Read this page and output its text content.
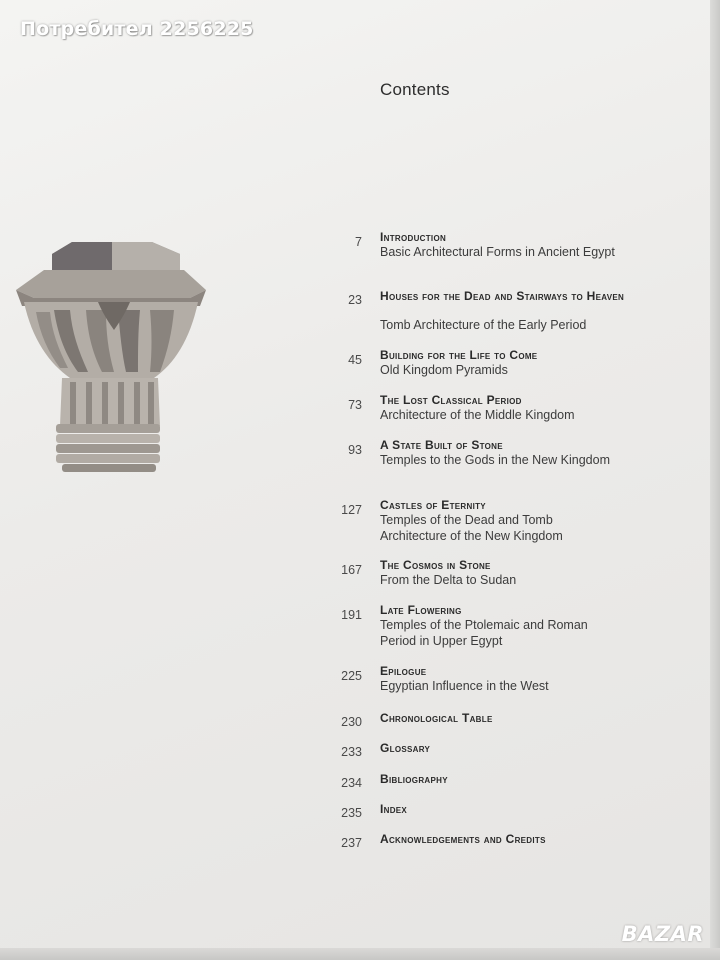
Contents
7 Introduction
Basic Architectural Forms in Ancient Egypt
23 Houses for the Dead and Stairways to Heaven
Tomb Architecture of the Early Period
45 Building for the Life to Come
Old Kingdom Pyramids
73 The Lost Classical Period
Architecture of the Middle Kingdom
93 A State Built of Stone
Temples to the Gods in the New Kingdom
127 Castles of Eternity
Temples of the Dead and Tomb Architecture of the New Kingdom
167 The Cosmos in Stone
From the Delta to Sudan
191 Late Flowering
Temples of the Ptolemaic and Roman Period in Upper Egypt
225 Epilogue
Egyptian Influence in the West
230 Chronological Table
233 Glossary
234 Bibliography
235 Index
237 Acknowledgements and Credits
Потребител 2256225
BAZAR
